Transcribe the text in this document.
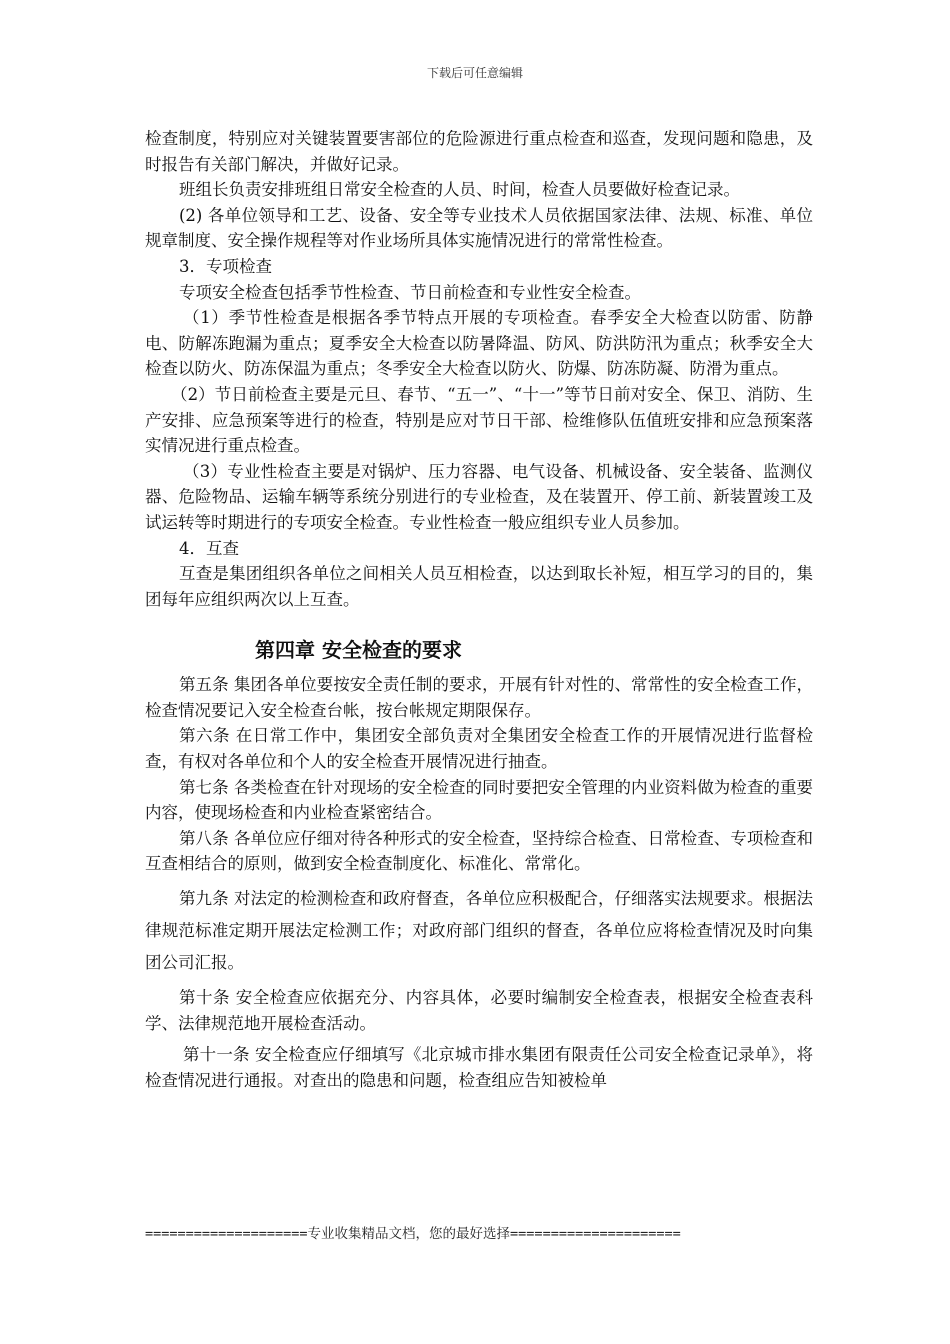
下载后可任意编辑

检查制度，特别应对关键装置要害部位的危险源进行重点检查和巡查，发现问题和隐患，及时报告有关部门解决，并做好记录。

班组长负责安排班组日常安全检查的人员、时间，检查人员要做好检查记录。

(2) 各单位领导和工艺、设备、安全等专业技术人员依据国家法律、法规、标准、单位规章制度、安全操作规程等对作业场所具体实施情况进行的常常性检查。

3．专项检查

专项安全检查包括季节性检查、节日前检查和专业性安全检查。

（1）季节性检查是根据各季节特点开展的专项检查。春季安全大检查以防雷、防静电、防解冻跑漏为重点；夏季安全大检查以防暑降温、防风、防洪防汛为重点；秋季安全大检查以防火、防冻保温为重点；冬季安全大检查以防火、防爆、防冻防凝、防滑为重点。

（2）节日前检查主要是元旦、春节、“五一”、“十一”等节日前对安全、保卫、消防、生产安排、应急预案等进行的检查，特别是应对节日干部、检维修队伍值班安排和应急预案落实情况进行重点检查。

（3）专业性检查主要是对锅炉、压力容器、电气设备、机械设备、安全装备、监测仪器、危险物品、运输车辆等系统分别进行的专业检查，及在装置开、停工前、新装置竣工及试运转等时期进行的专项安全检查。专业性检查一般应组织专业人员参加。

4．互查

互查是集团组织各单位之间相关人员互相检查，以达到取长补短，相互学习的目的，集团每年应组织两次以上互查。

第四章 安全检查的要求

第五条 集团各单位要按安全责任制的要求，开展有针对性的、常常性的安全检查工作，检查情况要记入安全检查台帐，按台帐规定期限保存。

第六条 在日常工作中，集团安全部负责对全集团安全检查工作的开展情况进行监督检查，有权对各单位和个人的安全检查开展情况进行抽查。

第七条 各类检查在针对现场的安全检查的同时要把安全管理的内业资料做为检查的重要内容，使现场检查和内业检查紧密结合。

第八条 各单位应仔细对待各种形式的安全检查，坚持综合检查、日常检查、专项检查和互查相结合的原则，做到安全检查制度化、标准化、常常化。

第九条 对法定的检测检查和政府督查，各单位应积极配合，仔细落实法规要求。根据法律规范标准定期开展法定检测工作；对政府部门组织的督查，各单位应将检查情况及时向集团公司汇报。

第十条 安全检查应依据充分、内容具体，必要时编制安全检查表，根据安全检查表科学、法律规范地开展检查活动。

第十一条 安全检查应仔细填写《北京城市排水集团有限责任公司安全检查记录单》，将检查情况进行通报。对查出的隐患和问题，检查组应告知被检单

====================专业收集精品文档，您的最好选择=====================
